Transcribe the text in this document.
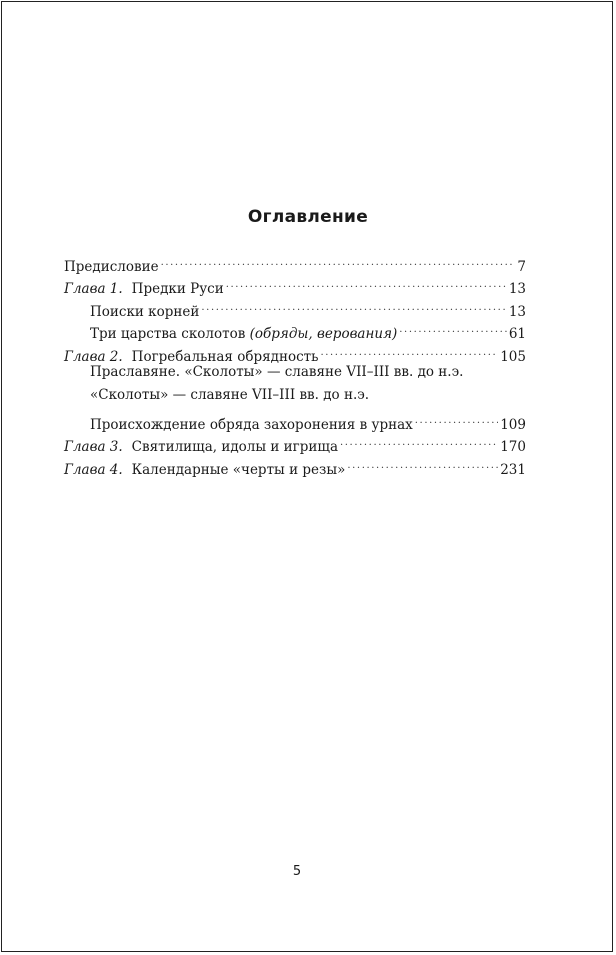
Оглавление
Предисловие .....	7
Глава 1. Предки Руси .....	13
Поиски корней .....	13
Три царства сколотов (обряды, верования) .....	61
Глава 2. Погребальная обрядность .....	105
Праславяне. «Сколоты» — славяне VII–III вв. до н.э.
«Сколоты» — славяне VII–III вв. до н.э.
Происхождение обряда захоронения в урнах .....	109
Глава 3. Святилища, идолы и игрища .....	170
Глава 4. Календарные «черты и резы» .....	231
5
